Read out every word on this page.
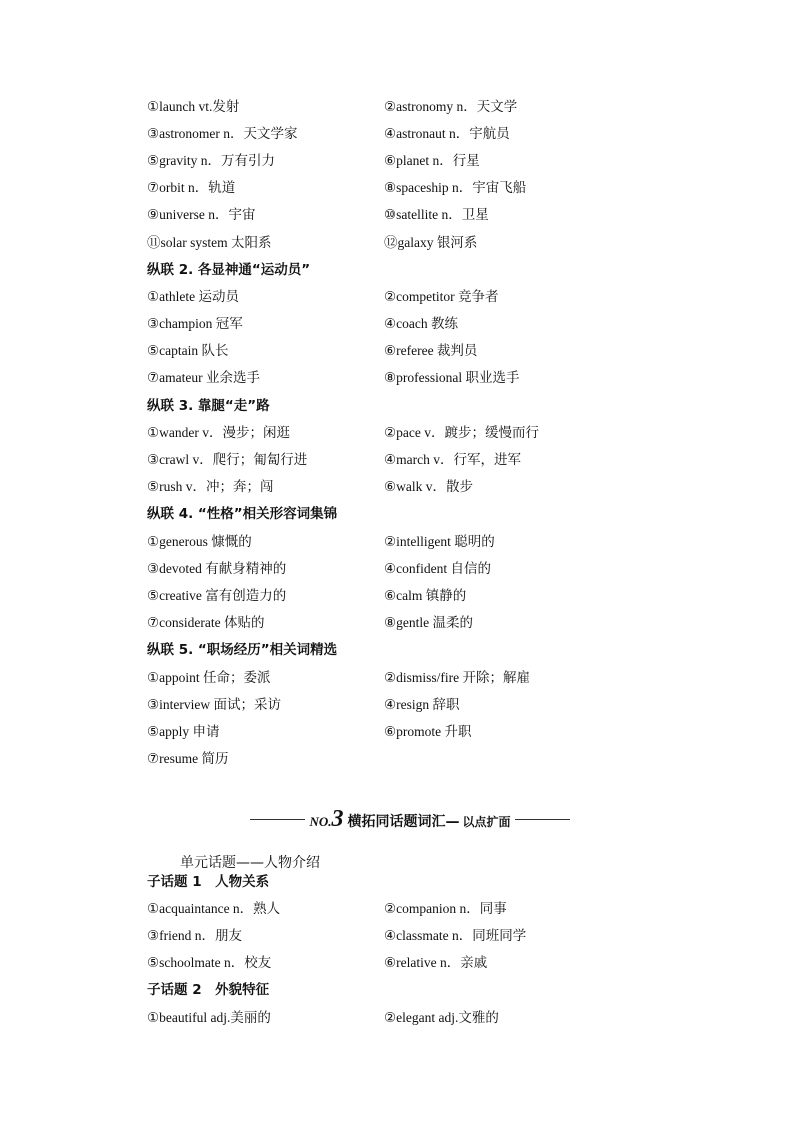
①launch vt.发射	②astronomy n．天文学
③astronomer n．天文学家	④astronaut n．宇航员
⑤gravity n．万有引力	⑥planet n．行星
⑦orbit n．轨道	⑧spaceship n．宇宙飞船
⑨universe n．宇宙	⑩satellite n．卫星
⑪solar system 太阳系	⑫galaxy 银河系
纵联 2. 各显神通“运动员”
①athlete 运动员	②competitor 竞争者
③champion 冠军	④coach 教练
⑤captain 队长	⑥referee 裁判员
⑦amateur 业余选手	⑧professional 职业选手
纵联 3. 靠腿“走”路
①wander v．漫步；闲逛	②pace v．踱步；缓慢而行
③crawl v．爬行；匍匐行进	④march v．行军，进军
⑤rush v．冲；奔；闯	⑥walk v．散步
纵联 4. “性格”相关形容词集锦
①generous 慷慨的	②intelligent 聪明的
③devoted 有献身精神的	④confident 自信的
⑤creative 富有创造力的	⑥calm 镇静的
⑦considerate 体贴的	⑧gentle 温柔的
纵联 5. “职场经历”相关词精选
①appoint 任命；委派	②dismiss/fire 开除；解雇
③interview 面试；采访	④resign 辞职
⑤apply 申请	⑥promote 升职
⑦resume 简历
NO. 3 横拓同话题词汇 — 以点扩面
单元话题——人物介绍
子话题 1　人物关系
①acquaintance n．熟人	②companion n．同事
③friend n．朋友	④classmate n．同班同学
⑤schoolmate n．校友	⑥relative n．亲戚
子话题 2　外貌特征
①beautiful adj.美丽的	②elegant adj.文雅的
